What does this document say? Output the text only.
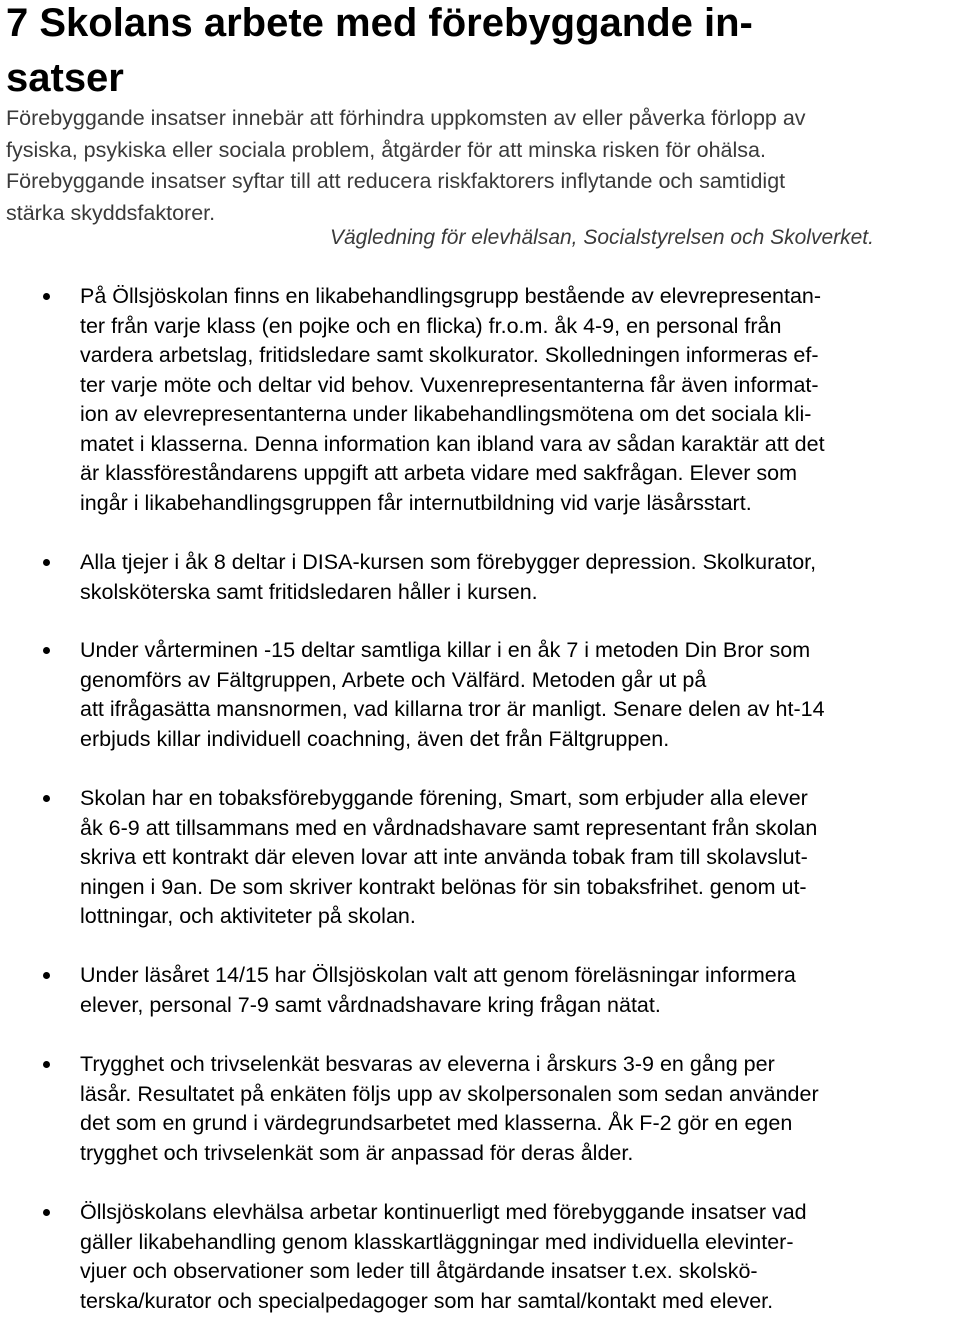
7 Skolans arbete med förebyggande in-
satser
Förebyggande insatser innebär att förhindra uppkomsten av eller påverka förlopp av
fysiska, psykiska eller sociala problem, åtgärder för att minska risken för ohälsa.
Förebyggande insatser syftar till att reducera riskfaktorers inflytande och samtidigt
stärka skyddsfaktorer.
Vägledning för elevhälsan, Socialstyrelsen och Skolverket.
På Öllsjöskolan finns en likabehandlingsgrupp bestående av elevrepresentan-
ter från varje klass (en pojke och en flicka) fr.o.m. åk 4-9, en personal från
vardera arbetslag, fritidsledare samt skolkurator. Skolledningen informeras ef-
ter varje möte och deltar vid behov. Vuxenrepresentanterna får även informat-
ion av elevrepresentanterna under likabehandlingsmötena om det sociala kli-
matet i klasserna. Denna information kan ibland vara av sådan karaktär att det
är klassföreståndarens uppgift att arbeta vidare med sakfrågan. Elever som
ingår i likabehandlingsgruppen får internutbildning vid varje läsårsstart.
Alla tjejer i åk 8 deltar i DISA-kursen som förebygger depression. Skolkurator,
skolsköterska samt fritidsledaren håller i kursen.
Under vårterminen -15 deltar samtliga killar i en åk 7 i metoden Din Bror som
genomförs av Fältgruppen, Arbete och Välfärd. Metoden går ut på
att ifrågasätta mansnormen, vad killarna tror är manligt. Senare delen av ht-14
erbjuds killar individuell coachning, även det från Fältgruppen.
Skolan har en tobaksförebyggande förening, Smart, som erbjuder alla elever
åk 6-9 att tillsammans med en vårdnadshavare samt representant från skolan
skriva ett kontrakt där eleven lovar att inte använda tobak fram till skolavslut-
ningen i 9an. De som skriver kontrakt belönas för sin tobaksfrihet. genom ut-
lottningar, och aktiviteter på skolan.
Under läsåret 14/15 har Öllsjöskolan valt att genom föreläsningar informera
elever, personal 7-9 samt vårdnadshavare kring frågan nätat.
Trygghet och trivselenkät besvaras av eleverna i årskurs 3-9 en gång per
läsår. Resultatet på enkäten följs upp av skolpersonalen som sedan använder
det som en grund i värdegrundsarbetet med klasserna. Åk F-2 gör en egen
trygghet och trivselenkät som är anpassad för deras ålder.
Öllsjöskolans elevhälsa arbetar kontinuerligt med förebyggande insatser vad
gäller likabehandling genom klasskartläggningar med individuella elevinter-
vjuer och observationer som leder till åtgärdande insatser t.ex. skolskö-
terska/kurator och specialpedagoger som har samtal/kontakt med elever.
